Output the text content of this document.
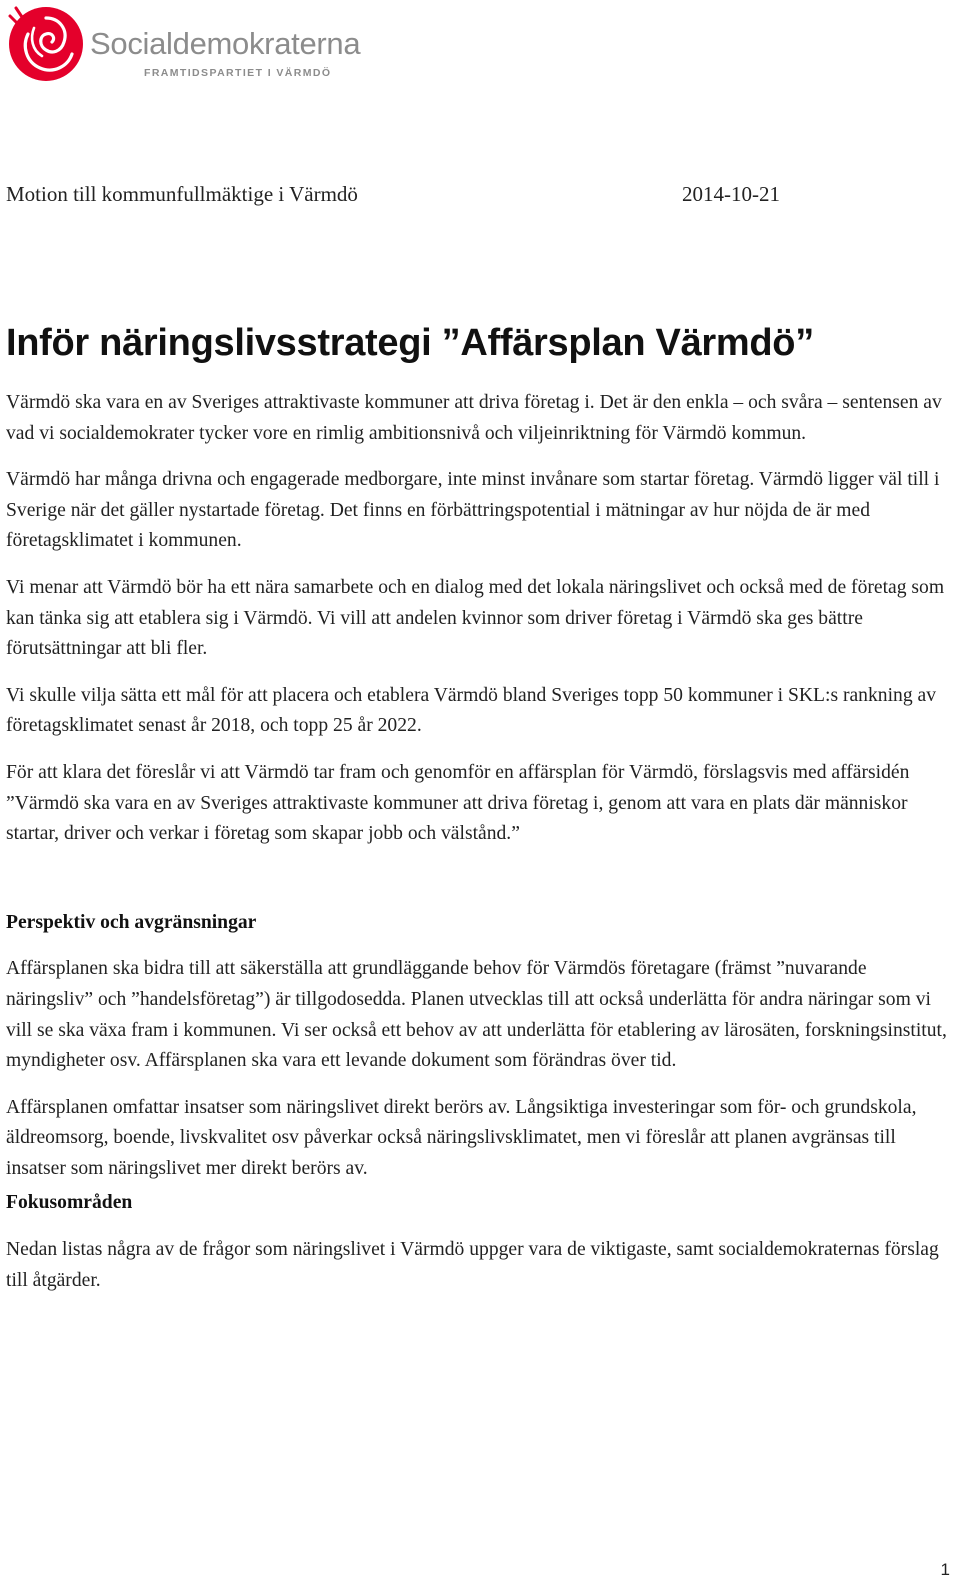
Socialdemokraterna
FRAMTIDSPARTIET I VÄRMDÖ
Motion till kommunfullmäktige i Värmdö	2014-10-21
Inför näringslivsstrategi ”Affärsplan Värmdö”

Värmdö ska vara en av Sveriges attraktivaste kommuner att driva företag i. Det är den enkla – och svåra – sentensen av vad vi socialdemokrater tycker vore en rimlig ambitionsnivå och viljeinriktning för Värmdö kommun.

Värmdö har många drivna och engagerade medborgare, inte minst invånare som startar företag. Värmdö ligger väl till i Sverige när det gäller nystartade företag. Det finns en förbättringspotential i mätningar av hur nöjda de är med företagsklimatet i kommunen.

Vi menar att Värmdö bör ha ett nära samarbete och en dialog med det lokala näringslivet och också med de företag som kan tänka sig att etablera sig i Värmdö. Vi vill att andelen kvinnor som driver företag i Värmdö ska ges bättre förutsättningar att bli fler.

Vi skulle vilja sätta ett mål för att placera och etablera Värmdö bland Sveriges topp 50 kommuner i SKL:s rankning av företagsklimatet senast år 2018, och topp 25 år 2022.

För att klara det föreslår vi att Värmdö tar fram och genomför en affärsplan för Värmdö, förslagsvis med affärsidén ”Värmdö ska vara en av Sveriges attraktivaste kommuner att driva företag i, genom att vara en plats där människor startar, driver och verkar i företag som skapar jobb och välstånd.”

Perspektiv och avgränsningar

Affärsplanen ska bidra till att säkerställa att grundläggande behov för Värmdös företagare (främst ”nuvarande näringsliv” och ”handelsföretag”) är tillgodosedda. Planen utvecklas till att också underlätta för andra näringar som vi vill se ska växa fram i kommunen. Vi ser också ett behov av att underlätta för etablering av lärosäten, forskningsinstitut, myndigheter osv. Affärsplanen ska vara ett levande dokument som förändras över tid.

Affärsplanen omfattar insatser som näringslivet direkt berörs av. Långsiktiga investeringar som för- och grundskola, äldreomsorg, boende, livskvalitet osv påverkar också näringslivsklimatet, men vi föreslår att planen avgränsas till insatser som näringslivet mer direkt berörs av.

Fokusområden

Nedan listas några av de frågor som näringslivet i Värmdö uppger vara de viktigaste, samt socialdemokraternas förslag till åtgärder.

1
